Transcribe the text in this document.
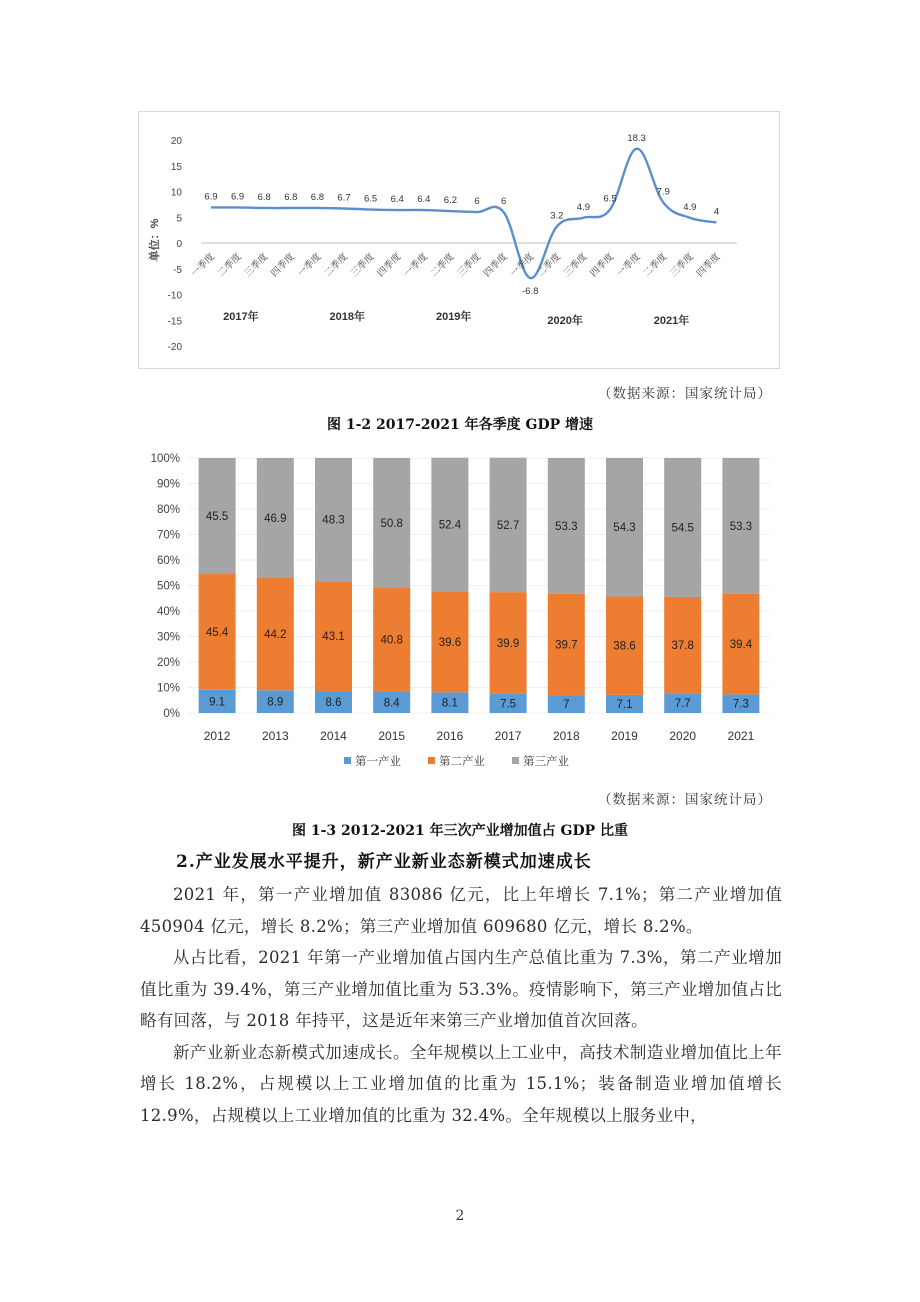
20
15
10
5
0
-5
-10
-15
-20
单位：%
6.9 6.9 6.8 6.8 6.8 6.7 6.5 6.4 6.4 6.2 6 6
-6.8
3.2
4.9
6.5
18.3
7.9
4.9 4
一季度
二季度
三季度
四季度
一季度
二季度
三季度
四季度
一季度
二季度
三季度
四季度
一季度
二季度
三季度
四季度
一季度
二季度
三季度
四季度
2017年	2018年	2019年	2020年	2021年
（数据来源：国家统计局）
图 1-2 2017-2021 年各季度 GDP 增速
100%
90%
80%
70%
60%
50%
40%
30%
20%
10%
0%
9.1
45.4
45.5
2012
8.9
44.2
46.9
2013
8.6
43.1
48.3
2014
8.4
40.8
50.8
2015
8.1
39.6
52.4
2016
7.5
39.9
52.7
2017
7
39.7
53.3
2018
7.1
38.6
54.3
2019
7.7
37.8
54.5
2020
7.3
39.4
53.3
2021
第一产业	第二产业	第三产业
（数据来源：国家统计局）
图 1-3 2012-2021 年三次产业增加值占 GDP 比重
2.产业发展水平提升，新产业新业态新模式加速成长

2021 年，第一产业增加值 83086 亿元，比上年增长 7.1%；第二产业增加值 450904 亿元，增长 8.2%；第三产业增加值 609680 亿元，增长 8.2%。

从占比看，2021 年第一产业增加值占国内生产总值比重为 7.3%，第二产业增加值比重为 39.4%，第三产业增加值比重为 53.3%。疫情影响下，第三产业增加值占比略有回落，与 2018 年持平，这是近年来第三产业增加值首次回落。

新产业新业态新模式加速成长。全年规模以上工业中，高技术制造业增加值比上年增长 18.2%，占规模以上工业增加值的比重为 15.1%；装备制造业增加值增长 12.9%，占规模以上工业增加值的比重为 32.4%。全年规模以上服务业中，

2
